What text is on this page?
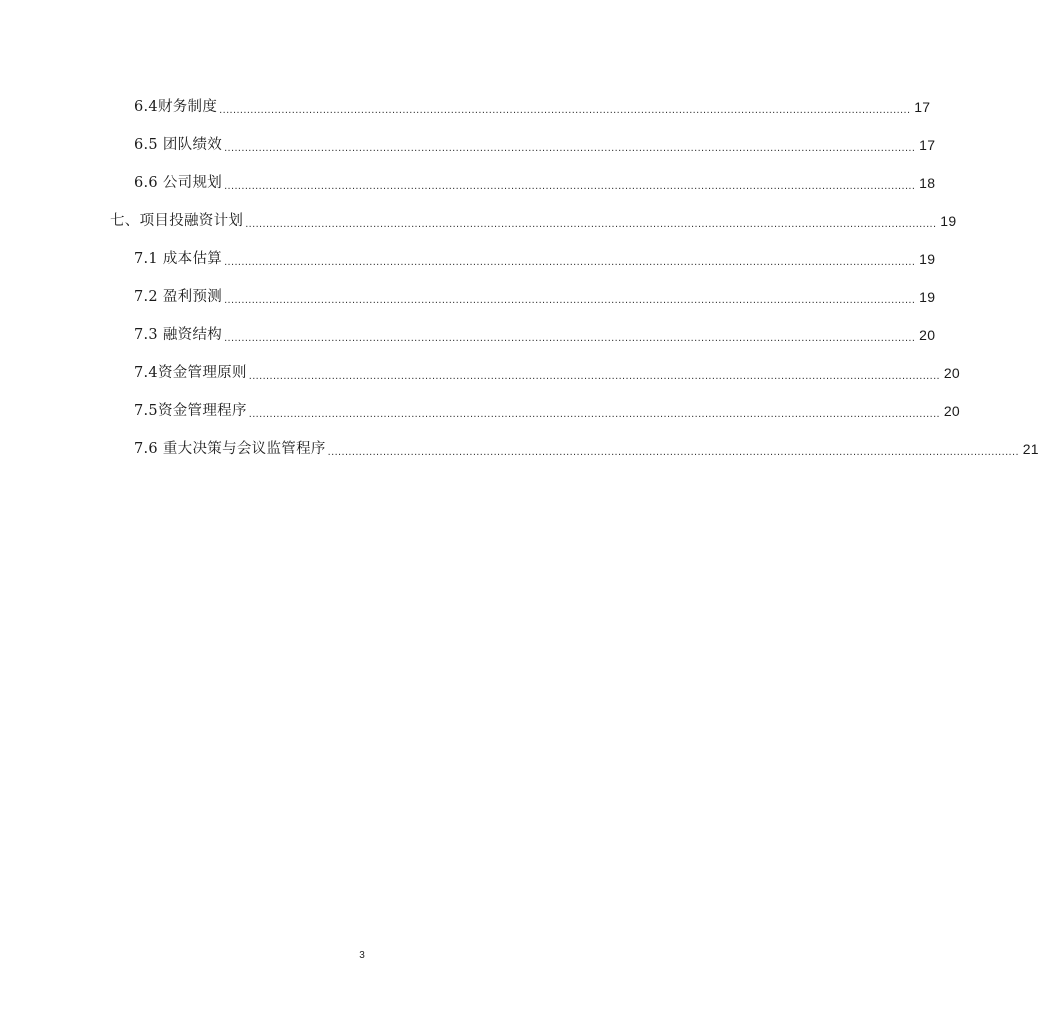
6.4财务制度 ........................................................................................................................................................................................................ 17
6.5 团队绩效 ........................................................................................................................................................................................................ 17
6.6 公司规划 ........................................................................................................................................................................................................ 18
七、项目投融资计划 ........................................................................................................................................................................................................ 19
7.1 成本估算 ........................................................................................................................................................................................................ 19
7.2 盈利预测 ........................................................................................................................................................................................................ 19
7.3 融资结构 ........................................................................................................................................................................................................ 20
7.4资金管理原则 ........................................................................................................................................................................................................ 20
7.5资金管理程序 ........................................................................................................................................................................................................ 20
7.6 重大决策与会议监管程序 ........................................................................................................................................................................................................ 21
3
